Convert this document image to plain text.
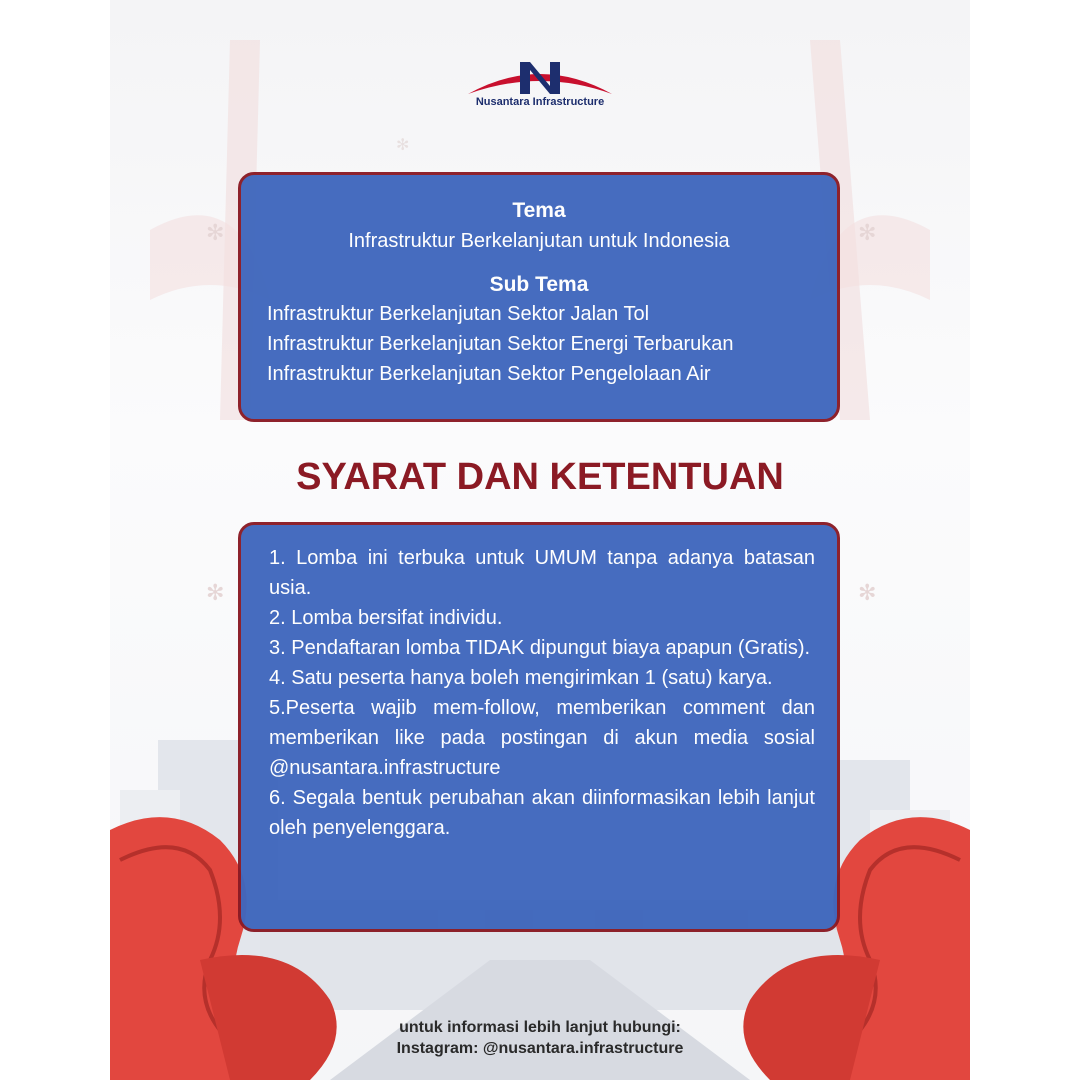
✻	✻
✻
✻	✻
Nusantara Infrastructure
Tema
Infrastruktur Berkelanjutan untuk Indonesia
Sub Tema
Infrastruktur Berkelanjutan Sektor Jalan Tol
Infrastruktur Berkelanjutan Sektor Energi Terbarukan
Infrastruktur Berkelanjutan Sektor Pengelolaan Air
SYARAT DAN KETENTUAN

1. Lomba ini terbuka untuk UMUM tanpa adanya batasan usia.

2. Lomba bersifat individu.

3. Pendaftaran lomba TIDAK dipungut biaya apapun (Gratis).

4. Satu peserta hanya boleh mengirimkan 1 (satu) karya.

5.Peserta wajib mem-follow, memberikan comment dan memberikan like pada postingan di akun media sosial @nusantara.infrastructure

6. Segala bentuk perubahan akan diinformasikan lebih lanjut oleh penyelenggara.

untuk informasi lebih lanjut hubungi:
Instagram: @nusantara.infrastructure
